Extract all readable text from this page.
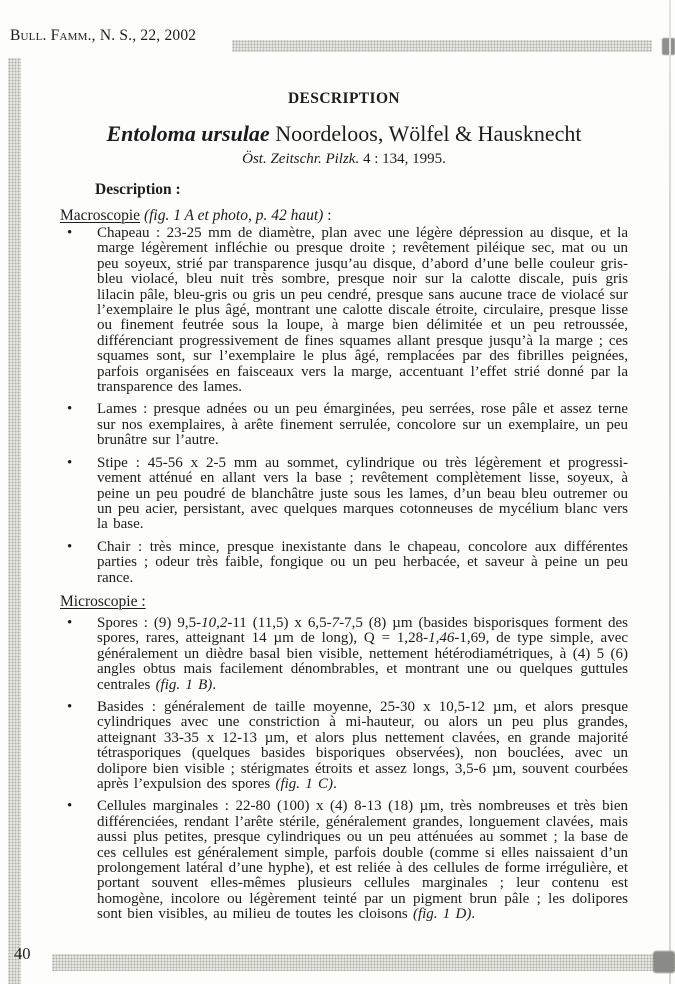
Bull. Famm., N. S., 22, 2002
40
DESCRIPTION
Entoloma ursulae Noordeloos, Wölfel & Hausknecht
Öst. Zeitschr. Pilzk. 4 : 134, 1995.
Description :
Macroscopie (fig. 1 A et photo, p. 42 haut) :
•	Chapeau : 23-25 mm de diamètre, plan avec une légère dépression au disque, et la marge légèrement infléchie ou presque droite ; revêtement piléique sec, mat ou un peu soyeux, strié par transparence jusqu’au disque, d’abord d’une belle couleur gris-bleu violacé, bleu nuit très sombre, presque noir sur la calotte discale, puis gris lilacin pâle, bleu-gris ou gris un peu cendré, presque sans aucune trace de violacé sur l’exemplaire le plus âgé, montrant une calotte discale étroite, circulaire, presque lisse ou finement feutrée sous la loupe, à marge bien délimitée et un peu retroussée, différenciant progressivement de fines squames allant presque jusqu’à la marge ; ces squames sont, sur l’exemplaire le plus âgé, remplacées par des fibrilles peignées, parfois organisées en faisceaux vers la marge, accentuant l’effet strié donné par la transparence des lames.
•	Lames : presque adnées ou un peu émarginées, peu serrées, rose pâle et assez terne sur nos exemplaires, à arête finement serrulée, concolore sur un exemplaire, un peu brunâtre sur l’autre.
•	Stipe : 45-56 x 2-5 mm au sommet, cylindrique ou très légèrement et progressivement atténué en allant vers la base ; revêtement complètement lisse, soyeux, à peine un peu poudré de blanchâtre juste sous les lames, d’un beau bleu outremer ou un peu acier, persistant, avec quelques marques cotonneuses de mycélium blanc vers la base.
•	Chair : très mince, presque inexistante dans le chapeau, concolore aux différentes parties ; odeur très faible, fongique ou un peu herbacée, et saveur à peine un peu rance.
Microscopie :
•	Spores : (9) 9,5-10,2-11 (11,5) x 6,5-7-7,5 (8) µm (basides bisporisques forment des spores, rares, atteignant 14 µm de long), Q = 1,28-1,46-1,69, de type simple, avec généralement un dièdre basal bien visible, nettement hétérodiamétriques, à (4) 5 (6) angles obtus mais facilement dénombrables, et montrant une ou quelques guttules centrales (fig. 1 B).
•	Basides : généralement de taille moyenne, 25-30 x 10,5-12 µm, et alors presque cylindriques avec une constriction à mi-hauteur, ou alors un peu plus grandes, atteignant 33-35 x 12-13 µm, et alors plus nettement clavées, en grande majorité tétrasporiques (quelques basides bisporiques observées), non bouclées, avec un dolipore bien visible ; stérigmates étroits et assez longs, 3,5-6 µm, souvent courbées après l’expulsion des spores (fig. 1 C).
•	Cellules marginales : 22-80 (100) x (4) 8-13 (18) µm, très nombreuses et très bien différenciées, rendant l’arête stérile, généralement grandes, longuement clavées, mais aussi plus petites, presque cylindriques ou un peu atténuées au sommet ; la base de ces cellules est généralement simple, parfois double (comme si elles naissaient d’un prolongement latéral d’une hyphe), et est reliée à des cellules de forme irrégulière, et portant souvent elles-mêmes plusieurs cellules marginales ; leur contenu est homogène, incolore ou légèrement teinté par un pigment brun pâle ; les dolipores sont bien visibles, au milieu de toutes les cloisons (fig. 1 D).
